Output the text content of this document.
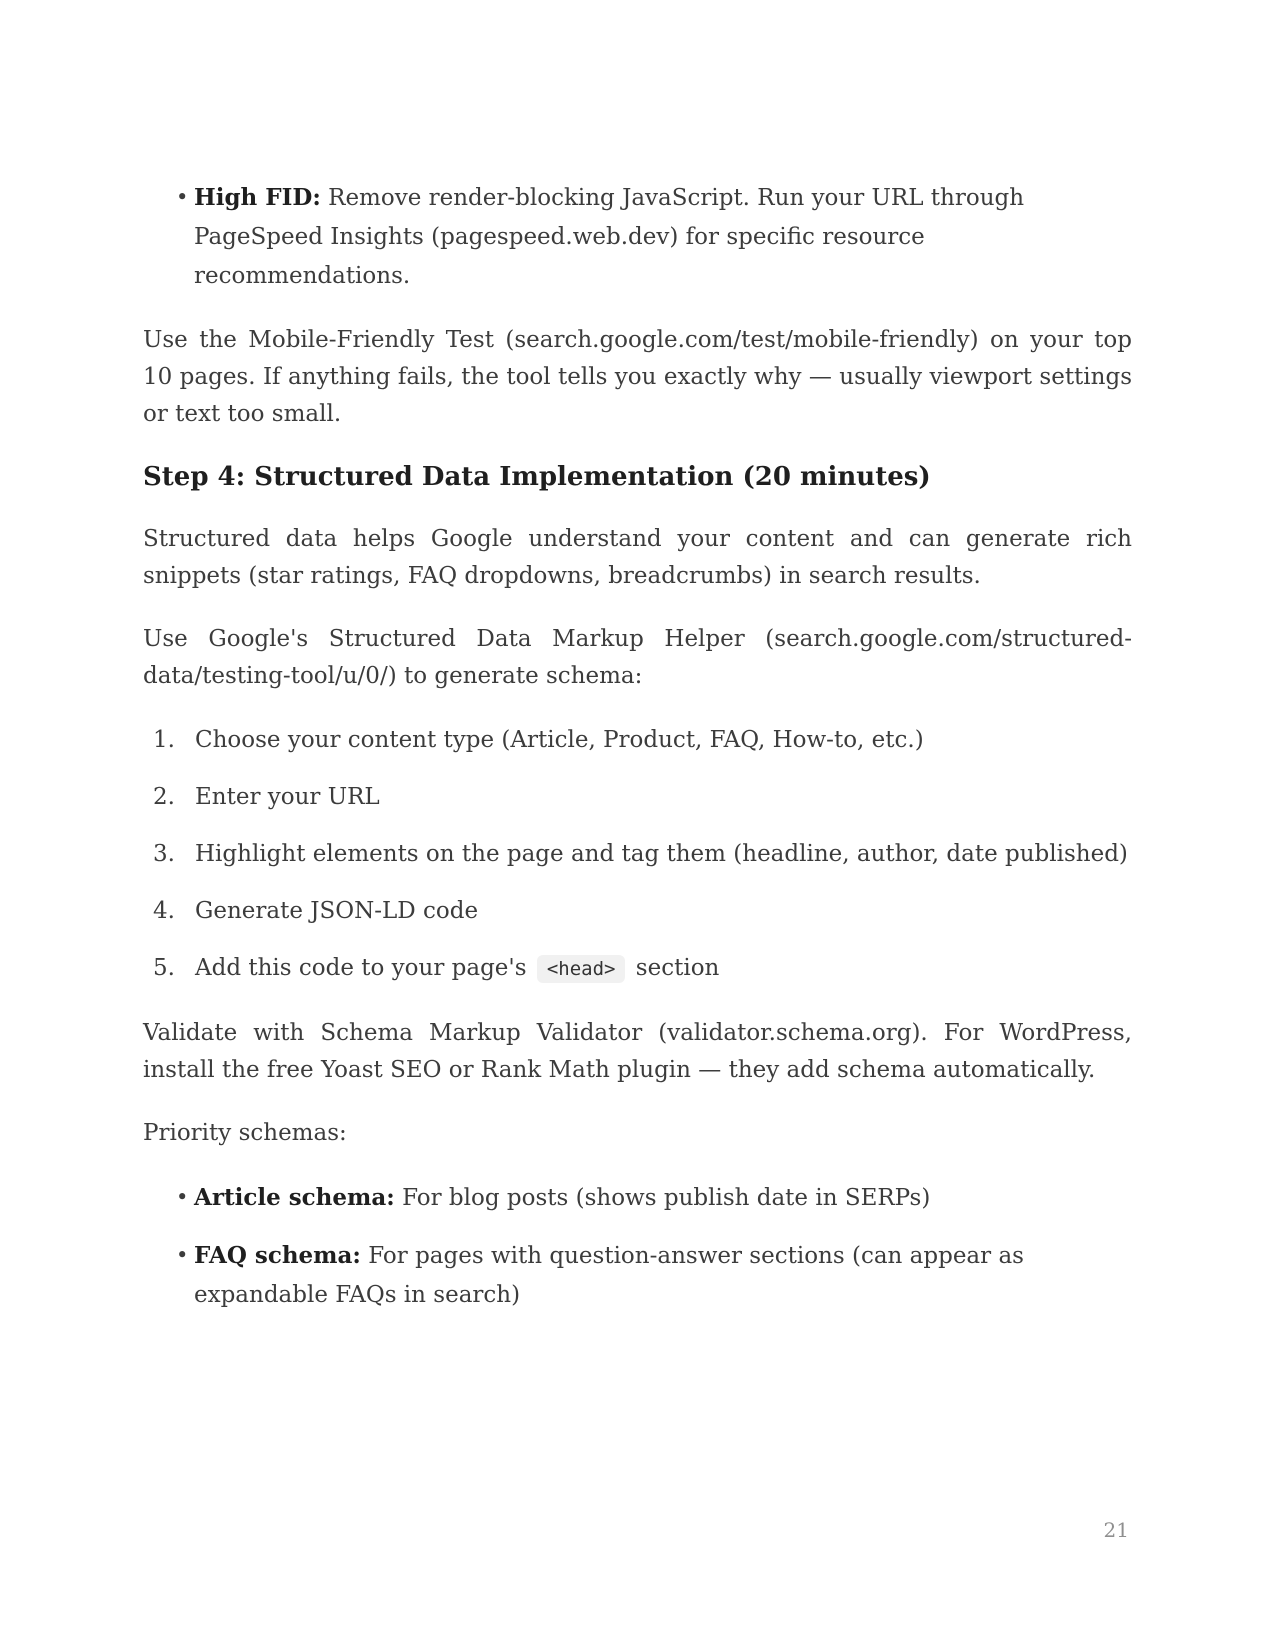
• High FID: Remove render-blocking JavaScript. Run your URL through PageSpeed Insights (pagespeed.web.dev) for specific resource recommendations.

Use the Mobile-Friendly Test (search.google.com/test/mobile-friendly) on your top 10 pages. If anything fails, the tool tells you exactly why — usually viewport settings or text too small.

Step 4: Structured Data Implementation (20 minutes)

Structured data helps Google understand your content and can generate rich snippets (star ratings, FAQ dropdowns, breadcrumbs) in search results.

Use Google's Structured Data Markup Helper (search.google.com/structured-data/testing-tool/u/0/) to generate schema:

1. Choose your content type (Article, Product, FAQ, How-to, etc.)
2. Enter your URL
3. Highlight elements on the page and tag them (headline, author, date published)
4. Generate JSON-LD code
5. Add this code to your page's <head> section

Validate with Schema Markup Validator (validator.schema.org). For WordPress, install the free Yoast SEO or Rank Math plugin — they add schema automatically.

Priority schemas:

• Article schema: For blog posts (shows publish date in SERPs)
• FAQ schema: For pages with question-answer sections (can appear as expandable FAQs in search)
21
